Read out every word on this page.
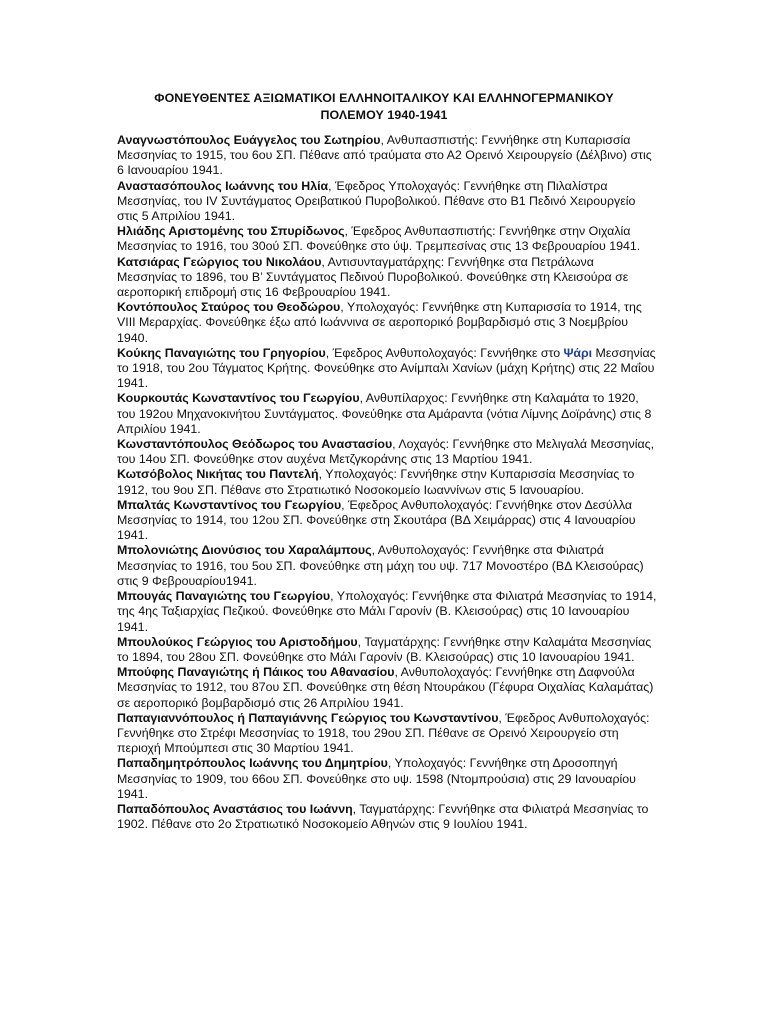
ΦΟΝΕΥΘΕΝΤΕΣ ΑΞΙΩΜΑΤΙΚΟΙ ΕΛΛΗΝΟΙΤΑΛΙΚΟΥ ΚΑΙ ΕΛΛΗΝΟΓΕΡΜΑΝΙΚΟΥ
ΠΟΛΕΜΟΥ 1940-1941

Αναγνωστόπουλος Ευάγγελος του Σωτηρίου, Ανθυπασπιστής: Γεννήθηκε στη Κυπαρισσία Μεσσηνίας το 1915, του 6ου ΣΠ. Πέθανε από τραύματα στο Α2 Ορεινό Χειρουργείο (Δέλβινο) στις 6 Ιανουαρίου 1941.

Αναστασόπουλος Ιωάννης του Ηλία, Έφεδρος Υπολοχαγός: Γεννήθηκε στη Πιλαλίστρα Μεσσηνίας, του IV Συντάγματος Ορειβατικού Πυροβολικού. Πέθανε στο Β1 Πεδινό Χειρουργείο στις 5 Απριλίου 1941.

Ηλιάδης Αριστομένης του Σπυρίδωνος, Έφεδρος Ανθυπασπιστής: Γεννήθηκε στην Οιχαλία Μεσσηνίας το 1916, του 30ού ΣΠ. Φονεύθηκε στο ύψ. Τρεμπεσίνας στις 13 Φεβρουαρίου 1941.

Κατσιάρας Γεώργιος του Νικολάου, Αντισυνταγματάρχης: Γεννήθηκε στα Πετράλωνα Μεσσηνίας το 1896, του Β’ Συντάγματος Πεδινού Πυροβολικού. Φονεύθηκε στη Κλεισούρα σε αεροπορική επιδρομή στις 16 Φεβρουαρίου 1941.

Κοντόπουλος Σταύρος του Θεοδώρου, Υπολοχαγός: Γεννήθηκε στη Κυπαρισσία το 1914, της VIII Μεραρχίας. Φονεύθηκε έξω από Ιωάννινα σε αεροπορικό βομβαρδισμό στις 3 Νοεμβρίου 1940.

Κούκης Παναγιώτης του Γρηγορίου, Έφεδρος Ανθυπολοχαγός: Γεννήθηκε στο Ψάρι Μεσσηνίας το 1918, του 2ου Τάγματος Κρήτης. Φονεύθηκε στο Ανίμπαλι Χανίων (μάχη Κρήτης) στις 22 Μαΐου 1941.

Κουρκουτάς Κωνσταντίνος του Γεωργίου, Ανθυπίλαρχος: Γεννήθηκε στη Καλαμάτα το 1920, του 192ου Μηχανοκινήτου Συντάγματος. Φονεύθηκε στα Αμάραντα (νότια Λίμνης Δοϊράνης) στις 8 Απριλίου 1941.

Κωνσταντόπουλος Θεόδωρος του Αναστασίου, Λοχαγός: Γεννήθηκε στο Μελιγαλά Μεσσηνίας, του 14ου ΣΠ. Φονεύθηκε στον αυχένα Μετζγκοράνης στις 13 Μαρτίου 1941.

Κωτσόβολος Νικήτας του Παντελή, Υπολοχαγός: Γεννήθηκε στην Κυπαρισσία Μεσσηνίας το 1912, του 9ου ΣΠ. Πέθανε στο Στρατιωτικό Νοσοκομείο Ιωαννίνων στις 5 Ιανουαρίου.

Μπαλτάς Κωνσταντίνος του Γεωργίου, Έφεδρος Ανθυπολοχαγός: Γεννήθηκε στον Δεσύλλα Μεσσηνίας το 1914, του 12ου ΣΠ. Φονεύθηκε στη Σκουτάρα (ΒΔ Χειμάρρας) στις 4 Ιανουαρίου 1941.

Μπολονιώτης Διονύσιος του Χαραλάμπους, Ανθυπολοχαγός: Γεννήθηκε στα Φιλιατρά Μεσσηνίας το 1916, του 5ου ΣΠ. Φονεύθηκε στη μάχη του υψ. 717 Μονοστέρο (ΒΔ Κλεισούρας) στις 9 Φεβρουαρίου1941.

Μπουγάς Παναγιώτης του Γεωργίου, Υπολοχαγός: Γεννήθηκε στα Φιλιατρά Μεσσηνίας το 1914, της 4ης Ταξιαρχίας Πεζικού. Φονεύθηκε στο Μάλι Γαρονίν (Β. Κλεισούρας) στις 10 Ιανουαρίου 1941.

Μπουλούκος Γεώργιος του Αριστοδήμου, Ταγματάρχης: Γεννήθηκε στην Καλαμάτα Μεσσηνίας το 1894, του 28ου ΣΠ. Φονεύθηκε στο Μάλι Γαρονίν (Β. Κλεισούρας) στις 10 Ιανουαρίου 1941.

Μπούφης Παναγιώτης ή Πάικος του Αθανασίου, Ανθυπολοχαγός: Γεννήθηκε στη Δαφνούλα Μεσσηνίας το 1912, του 87ου ΣΠ. Φονεύθηκε στη θέση Ντουράκου (Γέφυρα Οιχαλίας Καλαμάτας) σε αεροπορικό βομβαρδισμό στις 26 Απριλίου 1941.

Παπαγιαννόπουλος ή Παπαγιάννης Γεώργιος του Κωνσταντίνου, Έφεδρος Ανθυπολοχαγός: Γεννήθηκε στο Στρέφι Μεσσηνίας το 1918, του 29ου ΣΠ. Πέθανε σε Ορεινό Χειρουργείο στη περιοχή Μπούμπεσι στις 30 Μαρτίου 1941.

Παπαδημητρόπουλος Ιωάννης του Δημητρίου, Υπολοχαγός: Γεννήθηκε στη Δροσοπηγή Μεσσηνίας το 1909, του 66ου ΣΠ. Φονεύθηκε στο υψ. 1598 (Ντομπρούσια) στις 29 Ιανουαρίου 1941.

Παπαδόπουλος Αναστάσιος του Ιωάννη, Ταγματάρχης: Γεννήθηκε στα Φιλιατρά Μεσσηνίας το 1902. Πέθανε στο 2ο Στρατιωτικό Νοσοκομείο Αθηνών στις 9 Ιουλίου 1941.
